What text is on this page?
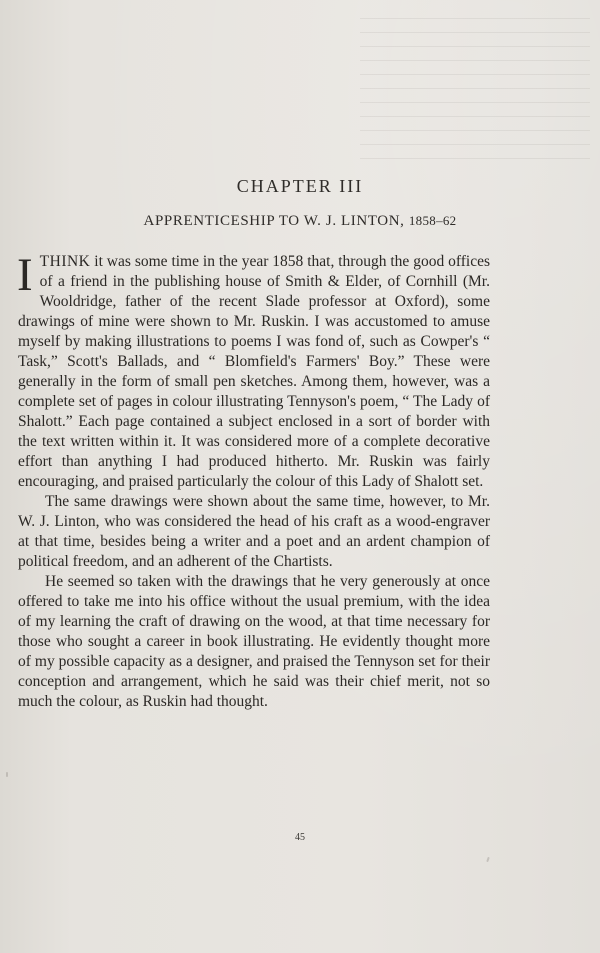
CHAPTER III
APPRENTICESHIP TO W. J. LINTON, 1858–62

ITHINK it was some time in the year 1858 that, through the good offices of a friend in the publishing house of Smith & Elder, of Cornhill (Mr. Wooldridge, father of the recent Slade professor at Oxford), some drawings of mine were shown to Mr. Ruskin. I was accustomed to amuse myself by making illustrations to poems I was fond of, such as Cowper's “ Task,” Scott's Ballads, and “ Blomfield's Farmers' Boy.” These were generally in the form of small pen sketches. Among them, however, was a complete set of pages in colour illustrating Tennyson's poem, “ The Lady of Shalott.” Each page contained a subject enclosed in a sort of border with the text written within it. It was considered more of a complete decorative effort than anything I had produced hitherto. Mr. Ruskin was fairly encouraging, and praised particularly the colour of this Lady of Shalott set.

The same drawings were shown about the same time, however, to Mr. W. J. Linton, who was considered the head of his craft as a wood-engraver at that time, besides being a writer and a poet and an ardent champion of political freedom, and an adherent of the Chartists.

He seemed so taken with the drawings that he very generously at once offered to take me into his office without the usual premium, with the idea of my learning the craft of drawing on the wood, at that time necessary for those who sought a career in book illustrating. He evidently thought more of my possible capacity as a designer, and praised the Tennyson set for their conception and arrangement, which he said was their chief merit, not so much the colour, as Ruskin had thought.

45
